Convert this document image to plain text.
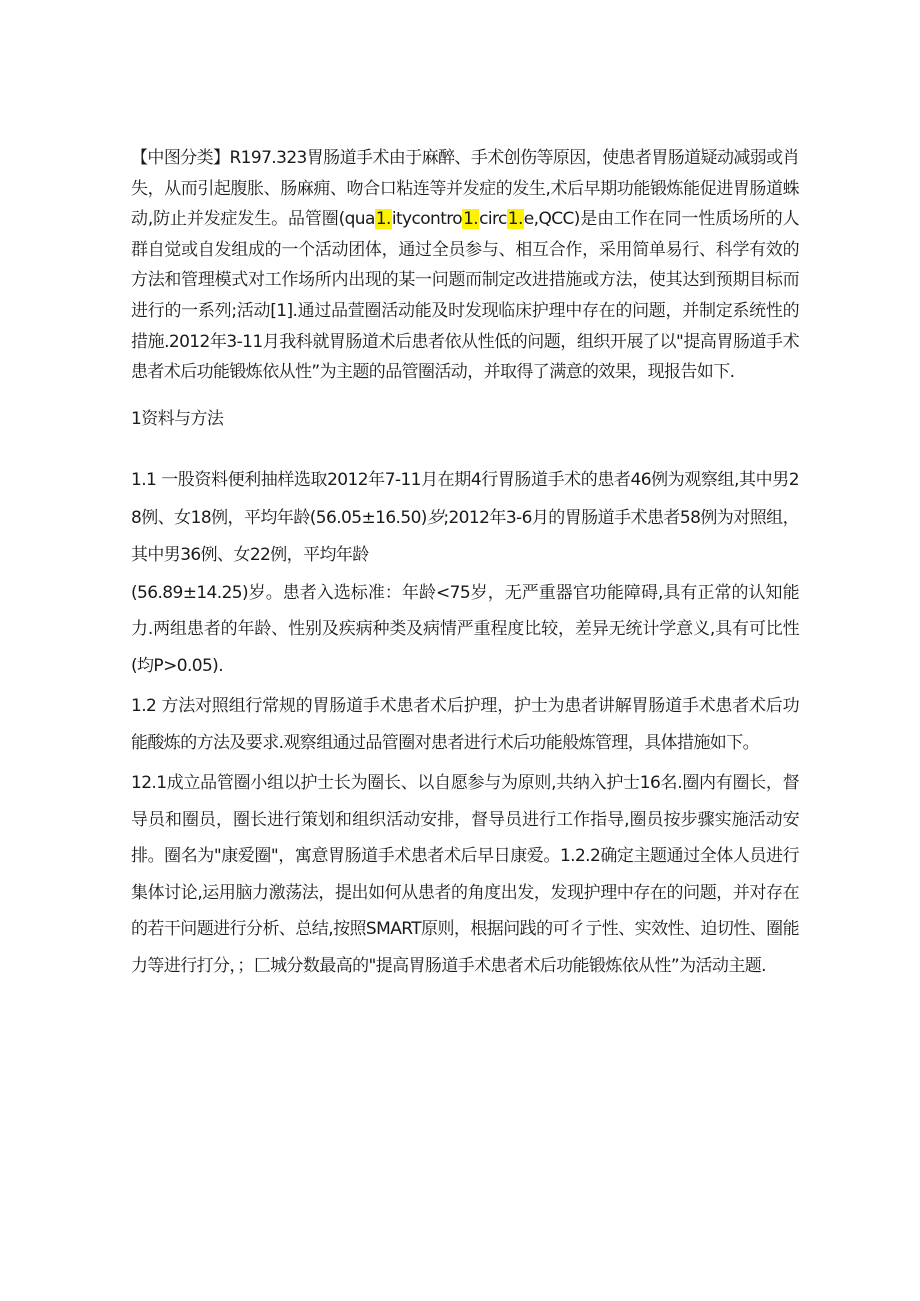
【中图分类】R197.323胃肠道手术由于麻醉、手术创伤等原因，使患者胃肠道疑动减弱或肖失，从而引起腹胀、肠麻痈、吻合口粘连等并发症的发生,术后早期功能锻炼能促进胃肠道蛛动,防止并发症发生。品管圈(qua1.itycontro1.circ1.e,QCC)是由工作在同一性质场所的人群自觉或自发组成的一个活动团体，通过全员参与、相互合作，采用简单易行、科学有效的方法和管理模式对工作场所内出现的某一问题而制定改进措施或方法，使其达到预期目标而进行的一系列;活动[1].通过品萱圈活动能及时发现临床护理中存在的问题，并制定系统性的措施.2012年3-11月我科就胃肠道术后患者依从性低的问题，组织开展了以"提高胃肠道手术患者术后功能锻炼依从性”为主题的品管圈活动，并取得了满意的效果，现报告如下.

1资料与方法

1.1 一股资料便利抽样选取2012年7-11月在期4行胃肠道手术的患者46例为观察组,其中男28例、女18例，平均年龄(56.05±16.50)岁;2012年3-6月的胃肠道手术患者58例为对照组，其中男36例、女22例，平均年龄

(56.89±14.25)岁。患者入选标准：年龄<75岁，无严重器官功能障碍,具有正常的认知能力.两组患者的年龄、性别及疾病种类及病情严重程度比较，差异无统计学意义,具有可比性(均P>0.05).

1.2 方法对照组行常规的胃肠道手术患者术后护理，护士为患者讲解胃肠道手术患者术后功能酸炼的方法及要求.观察组通过品管圈对患者进行术后功能般炼管理，具体措施如下。

12.1成立品管圈小组以护士长为圈长、以自愿参与为原则,共纳入护士16名.圈内有圈长，督导员和圈员，圈长进行策划和组织活动安排，督导员进行工作指导,圈员按步骤实施活动安排。圈名为"康爱圈"，寓意胃肠道手术患者术后早日康爱。1.2.2确定主题通过全体人员进行集体讨论,运用脑力激荡法，提出如何从患者的角度出发，发现护理中存在的问题，并对存在的若干问题进行分析、总结,按照SMART原则，根据问践的可彳亍性、实效性、迫切性、圈能力等进行打分，；匚城分数最高的"提高胃肠道手术患者术后功能锻炼依从性”为活动主题.
